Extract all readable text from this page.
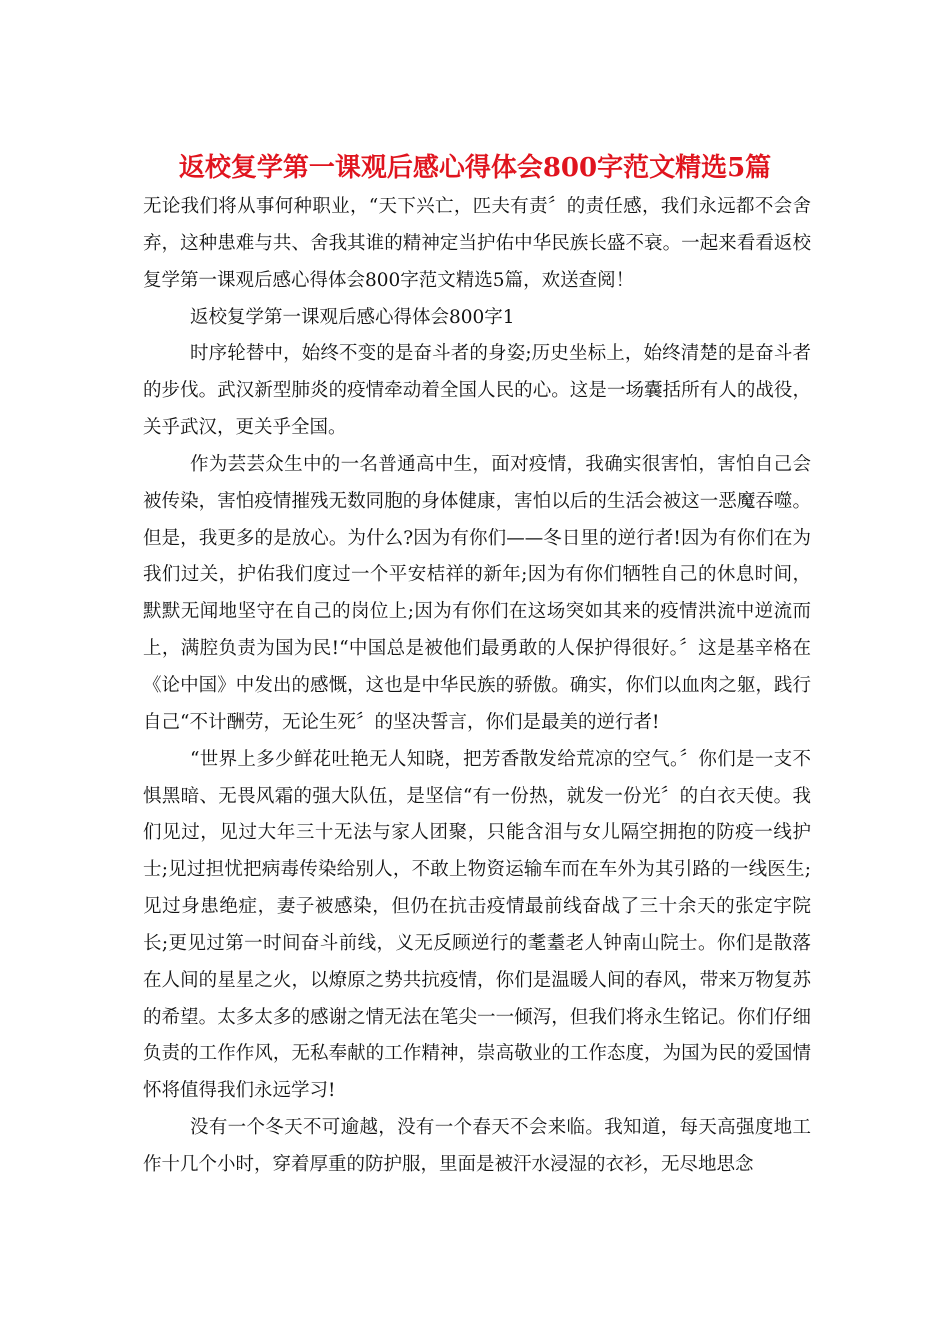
返校复学第一课观后感心得体会800字范文精选5篇

无论我们将从事何种职业，“天下兴亡，匹夫有责〞的责任感，我们永远都不会舍弃，这种患难与共、舍我其谁的精神定当护佑中华民族长盛不衰。一起来看看返校复学第一课观后感心得体会800字范文精选5篇，欢送查阅！

返校复学第一课观后感心得体会800字1

时序轮替中，始终不变的是奋斗者的身姿;历史坐标上，始终清楚的是奋斗者的步伐。武汉新型肺炎的疫情牵动着全国人民的心。这是一场囊括所有人的战役，关乎武汉，更关乎全国。

作为芸芸众生中的一名普通高中生，面对疫情，我确实很害怕，害怕自己会被传染，害怕疫情摧残无数同胞的身体健康，害怕以后的生活会被这一恶魔吞噬。但是，我更多的是放心。为什么?因为有你们——冬日里的逆行者!因为有你们在为我们过关，护佑我们度过一个平安桔祥的新年;因为有你们牺牲自己的休息时间，默默无闻地坚守在自己的岗位上;因为有你们在这场突如其来的疫情洪流中逆流而上，满腔负责为国为民!“中国总是被他们最勇敢的人保护得很好。〞这是基辛格在《论中国》中发出的感慨，这也是中华民族的骄傲。确实，你们以血肉之躯，践行自己“不计酬劳，无论生死〞的坚决誓言，你们是最美的逆行者!

“世界上多少鲜花吐艳无人知晓，把芳香散发给荒凉的空气。〞你们是一支不惧黑暗、无畏风霜的强大队伍，是坚信“有一份热，就发一份光〞的白衣天使。我们见过，见过大年三十无法与家人团聚，只能含泪与女儿隔空拥抱的防疫一线护士;见过担忧把病毒传染给别人，不敢上物资运输车而在车外为其引路的一线医生;见过身患绝症，妻子被感染，但仍在抗击疫情最前线奋战了三十余天的张定宇院长;更见过第一时间奋斗前线，义无反顾逆行的耄耋老人钟南山院士。你们是散落在人间的星星之火，以燎原之势共抗疫情，你们是温暖人间的春风，带来万物复苏的希望。太多太多的感谢之情无法在笔尖一一倾泻，但我们将永生铭记。你们仔细负责的工作作风，无私奉献的工作精神，崇高敬业的工作态度，为国为民的爱国情怀将值得我们永远学习!

没有一个冬天不可逾越，没有一个春天不会来临。我知道，每天高强度地工作十几个小时，穿着厚重的防护服，里面是被汗水浸湿的衣衫，无尽地思念
